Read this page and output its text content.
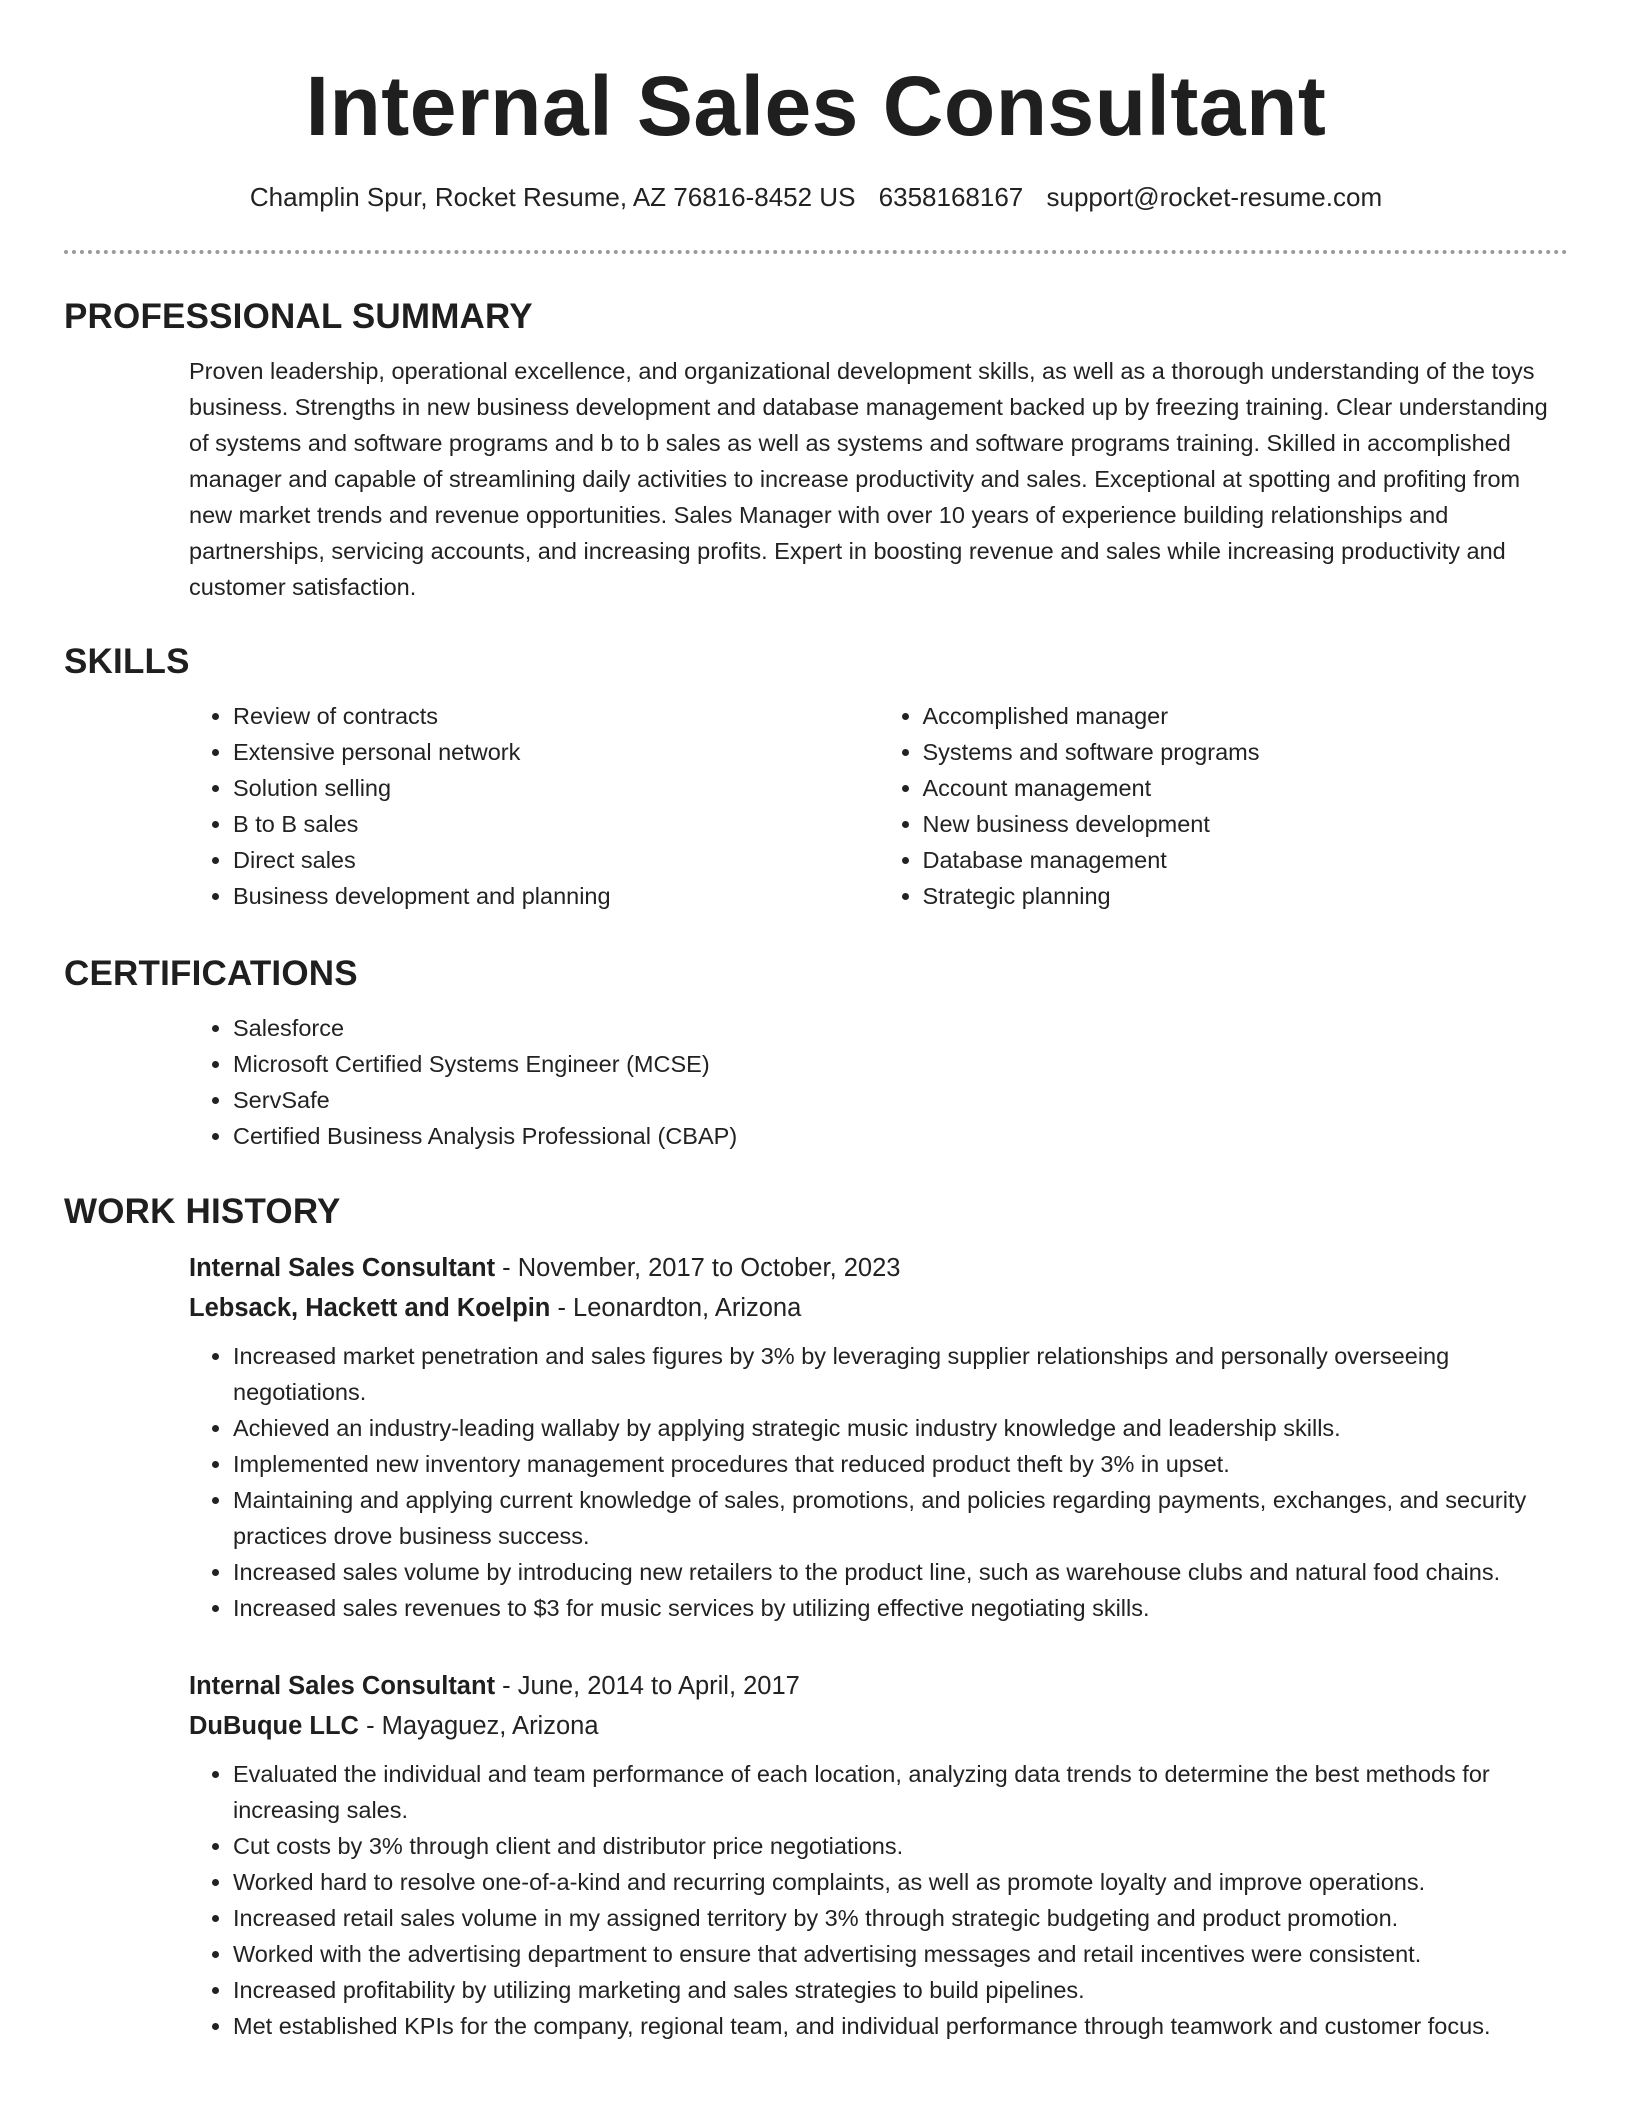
Internal Sales Consultant
Champlin Spur, Rocket Resume, AZ 76816-8452 US 6358168167 support@rocket-resume.com
PROFESSIONAL SUMMARY

Proven leadership, operational excellence, and organizational development skills, as well as a thorough understanding of the toys business. Strengths in new business development and database management backed up by freezing training. Clear understanding of systems and software programs and b to b sales as well as systems and software programs training. Skilled in accomplished manager and capable of streamlining daily activities to increase productivity and sales. Exceptional at spotting and profiting from new market trends and revenue opportunities. Sales Manager with over 10 years of experience building relationships and partnerships, servicing accounts, and increasing profits. Expert in boosting revenue and sales while increasing productivity and customer satisfaction.

SKILLS
• Review of contracts
• Extensive personal network
• Solution selling
• B to B sales
• Direct sales
• Business development and planning
• Accomplished manager
• Systems and software programs
• Account management
• New business development
• Database management
• Strategic planning
CERTIFICATIONS
• Salesforce
• Microsoft Certified Systems Engineer (MCSE)
• ServSafe
• Certified Business Analysis Professional (CBAP)
WORK HISTORY
Internal Sales Consultant - November, 2017 to October, 2023
Lebsack, Hackett and Koelpin - Leonardton, Arizona
• Increased market penetration and sales figures by 3% by leveraging supplier relationships and personally overseeing negotiations.
• Achieved an industry-leading wallaby by applying strategic music industry knowledge and leadership skills.
• Implemented new inventory management procedures that reduced product theft by 3% in upset.
• Maintaining and applying current knowledge of sales, promotions, and policies regarding payments, exchanges, and security practices drove business success.
• Increased sales volume by introducing new retailers to the product line, such as warehouse clubs and natural food chains.
• Increased sales revenues to $3 for music services by utilizing effective negotiating skills.
Internal Sales Consultant - June, 2014 to April, 2017
DuBuque LLC - Mayaguez, Arizona
• Evaluated the individual and team performance of each location, analyzing data trends to determine the best methods for increasing sales.
• Cut costs by 3% through client and distributor price negotiations.
• Worked hard to resolve one-of-a-kind and recurring complaints, as well as promote loyalty and improve operations.
• Increased retail sales volume in my assigned territory by 3% through strategic budgeting and product promotion.
• Worked with the advertising department to ensure that advertising messages and retail incentives were consistent.
• Increased profitability by utilizing marketing and sales strategies to build pipelines.
• Met established KPIs for the company, regional team, and individual performance through teamwork and customer focus.
